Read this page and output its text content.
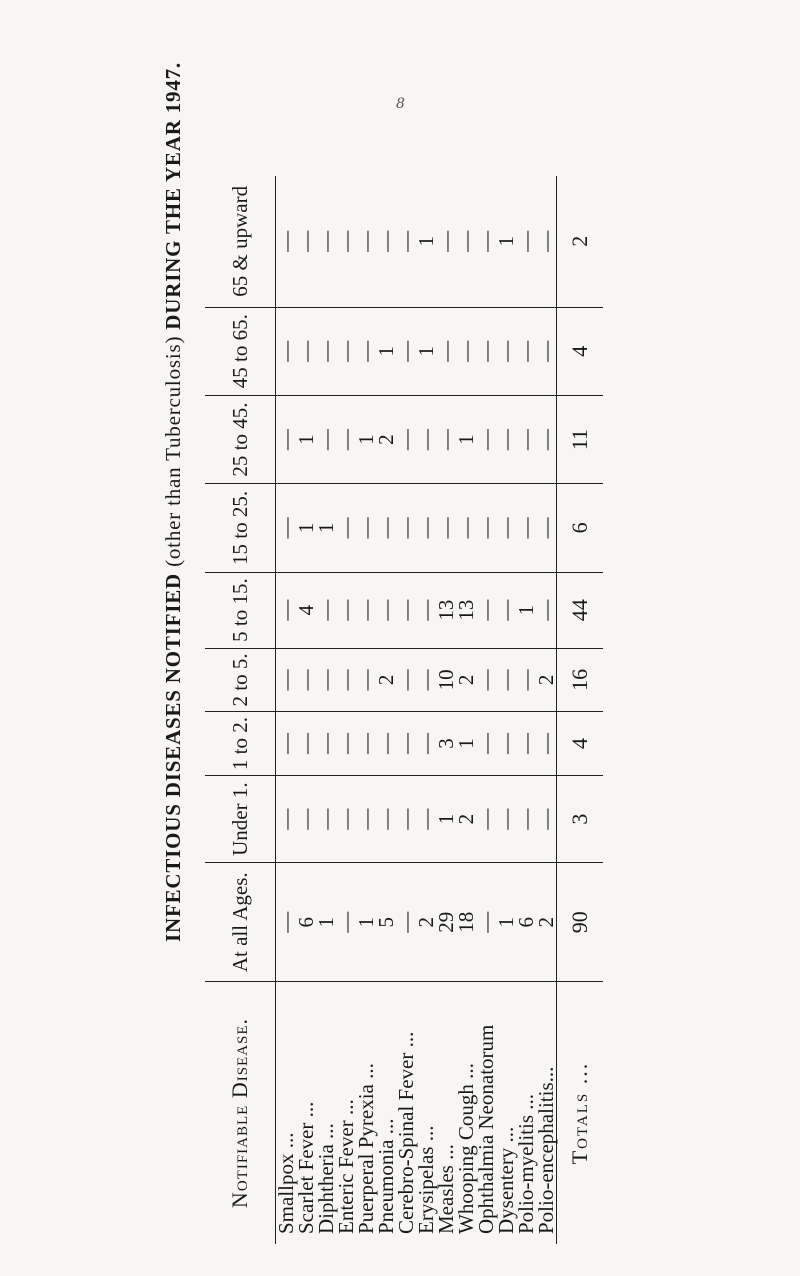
8
INFECTIOUS DISEASES NOTIFIED (other than Tuberculosis) DURING THE YEAR 1947.
Notifiable Disease.	At all Ages.	Under 1.	1 to 2.	2 to 5.	5 to 15.	15 to 25.	25 to 45.	45 to 65.	65 & upward
Smallpox ...	—	—	—	—	—	—	—	—	—
Scarlet Fever ...	6	—	—	—	4	1	1	—	—
Diphtheria ...	1	—	—	—	—	1	—	—	—
Enteric Fever ...	—	—	—	—	—	—	—	—	—
Puerperal Pyrexia ...	1	—	—	—	—	—	1	—	—
Pneumonia ...	5	—	—	2	—	—	2	1	—
Cerebro-Spinal Fever ...	—	—	—	—	—	—	—	—	—
Erysipelas ...	2	—	—	—	—	—	—	1	1
Measles ...	29	1	3	10	13	—	—	—	—
Whooping Cough ...	18	2	1	2	13	—	1	—	—
Ophthalmia Neonatorum	—	—	—	—	—	—	—	—	—
Dysentery ...	1	—	—	—	—	—	—	—	1
Polio-myelitis ...	6	—	—	—	1	—	—	—	—
Polio-encephalitis...	2	—	—	2	—	—	—	—	—
Totals ...	90	3	4	16	44	6	11	4	2
